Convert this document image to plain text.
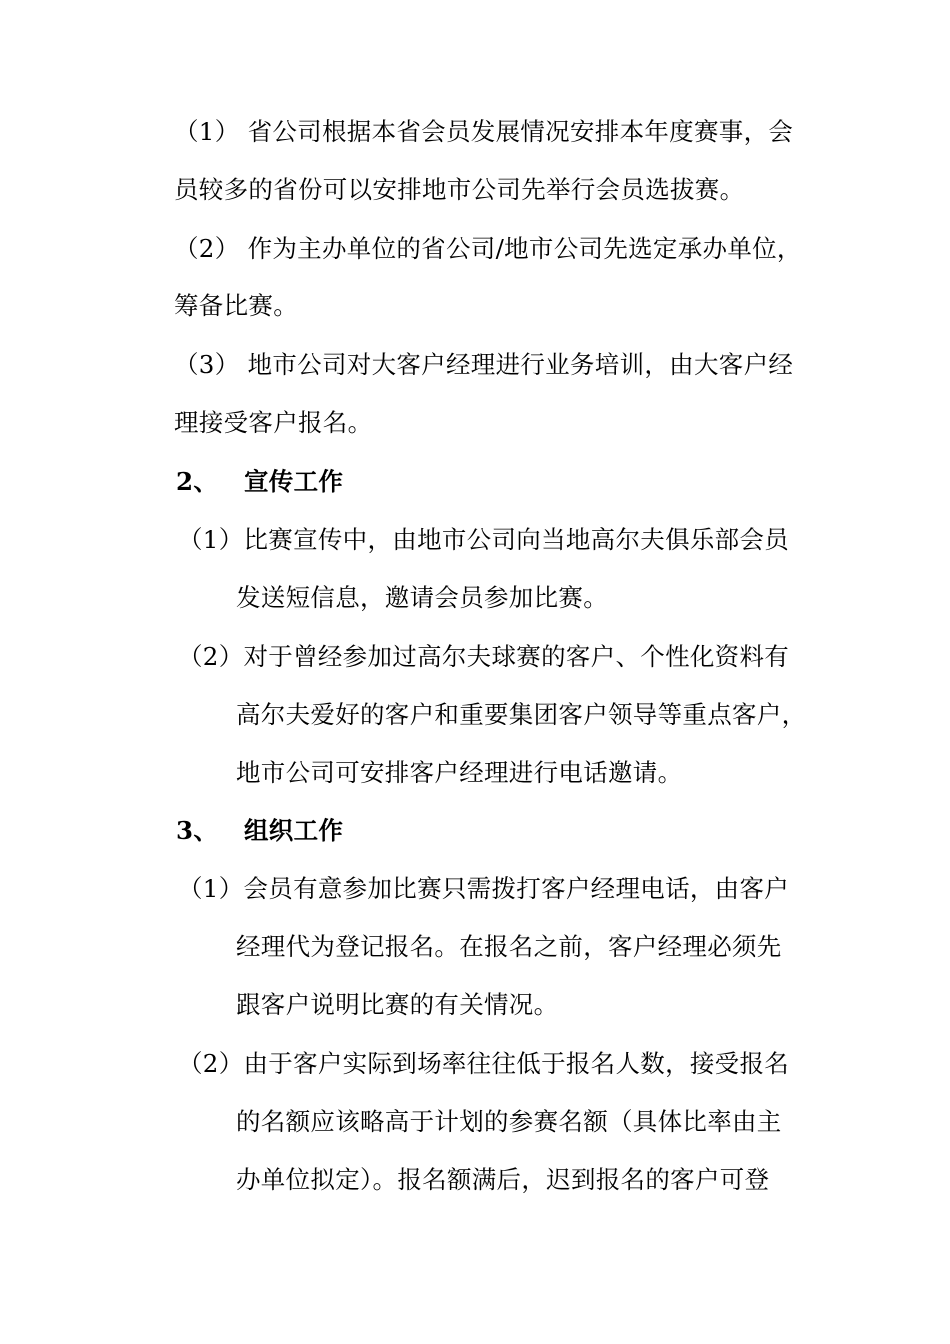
（1） 省公司根据本省会员发展情况安排本年度赛事，会
员较多的省份可以安排地市公司先举行会员选拔赛。
（2） 作为主办单位的省公司/地市公司先选定承办单位，
筹备比赛。
（3） 地市公司对大客户经理进行业务培训，由大客户经
理接受客户报名。
2、 宣传工作
（1）比赛宣传中，由地市公司向当地高尔夫俱乐部会员
发送短信息，邀请会员参加比赛。
（2）对于曾经参加过高尔夫球赛的客户、个性化资料有
高尔夫爱好的客户和重要集团客户领导等重点客户，
地市公司可安排客户经理进行电话邀请。
3、 组织工作
（1）会员有意参加比赛只需拨打客户经理电话，由客户
经理代为登记报名。在报名之前，客户经理必须先
跟客户说明比赛的有关情况。
（2）由于客户实际到场率往往低于报名人数，接受报名
的名额应该略高于计划的参赛名额（具体比率由主
办单位拟定）。报名额满后，迟到报名的客户可登
